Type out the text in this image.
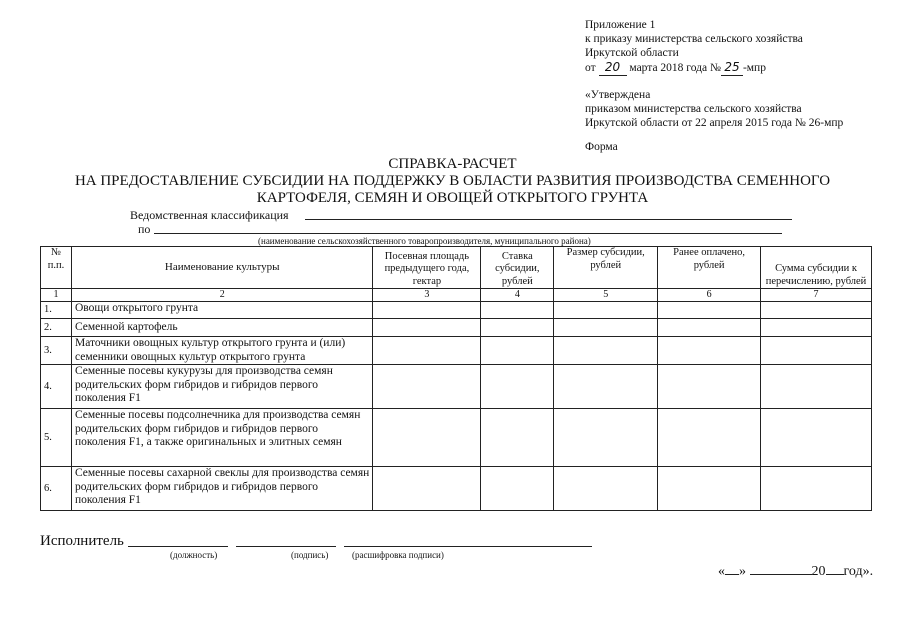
Приложение 1
к приказу министерства сельского хозяйства
Иркутской области
от 20 марта 2018 года № 25 -мпр
«Утверждена
приказом министерства сельского хозяйства
Иркутской области от 22 апреля 2015 года № 26-мпр
Форма
СПРАВКА-РАСЧЕТ
НА ПРЕДОСТАВЛЕНИЕ СУБСИДИИ НА ПОДДЕРЖКУ В ОБЛАСТИ РАЗВИТИЯ ПРОИЗВОДСТВА СЕМЕННОГО
КАРТОФЕЛЯ, СЕМЯН И ОВОЩЕЙ ОТКРЫТОГО ГРУНТА
Ведомственная классификация
по
(наименование сельскохозяйственного товаропроизводителя, муниципального района)
№ п.п.	Наименование культуры	Посевная площадь предыдущего года, гектар	Ставка субсидии, рублей	Размер субсидии, рублей	Ранее оплачено, рублей	Сумма субсидии к перечислению, рублей
1	2	3	4	5	6	7
1.	Овощи открытого грунта					
2.	Семенной картофель					
3.	Маточники овощных культур открытого грунта и (или) семенники овощных культур открытого грунта					
4.	Семенные посевы кукурузы для производства семян родительских форм гибридов и гибридов первого поколения F1					
5.	Семенные посевы подсолнечника для производства семян родительских форм гибридов и гибридов первого поколения F1, а также оригинальных и элитных семян					
6.	Семенные посевы сахарной свеклы для производства семян родительских форм гибридов и гибридов первого поколения F1					
Исполнитель
(должность)	(подпись)	(расшифровка подписи)
« »	20 год».
